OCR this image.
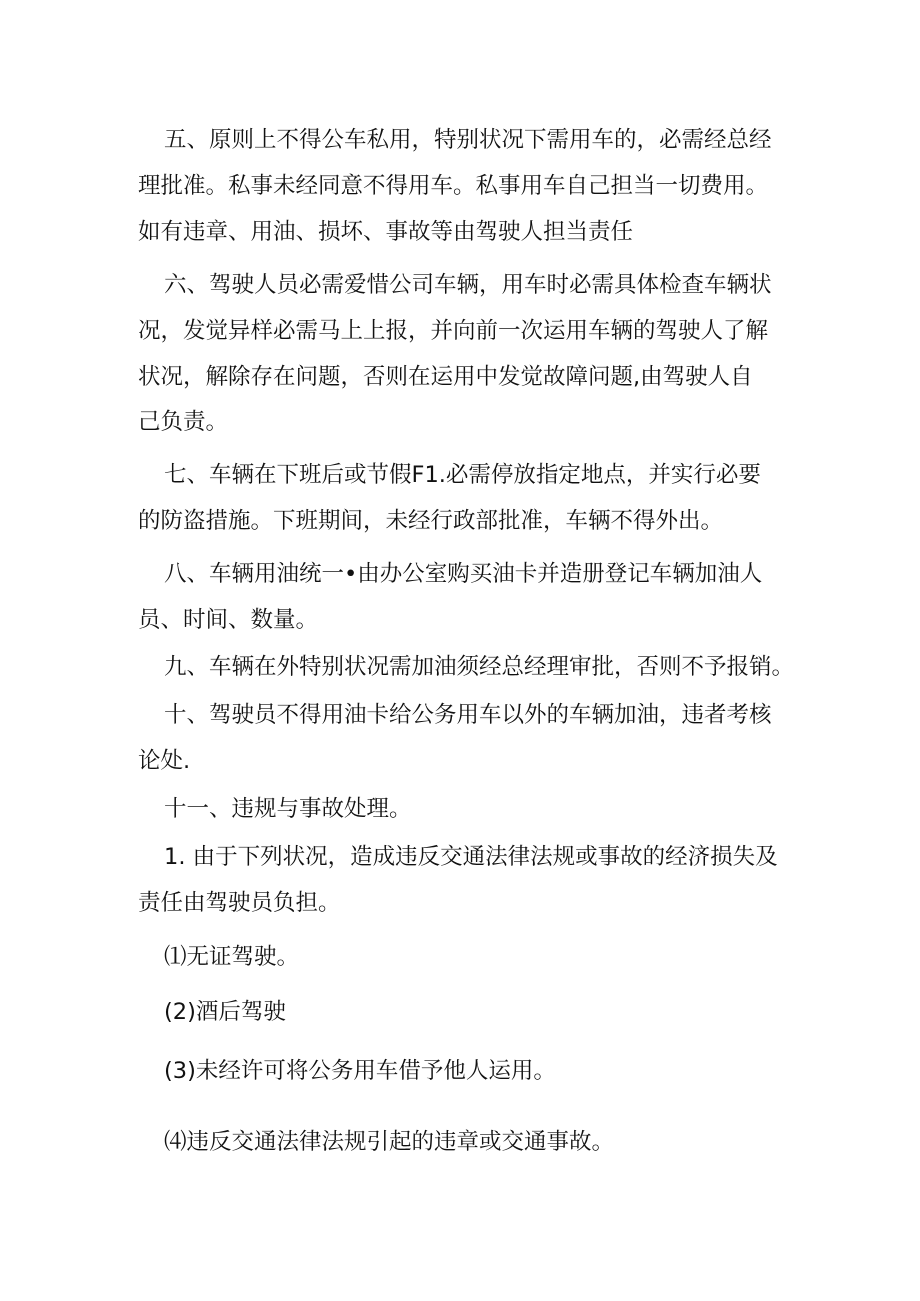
五、原则上不得公车私用，特别状况下需用车的，必需经总经
理批准。私事未经同意不得用车。私事用车自己担当一切费用。
如有违章、用油、损坏、事故等由驾驶人担当责任

六、驾驶人员必需爱惜公司车辆，用车时必需具体检查车辆状
况，发觉异样必需马上上报，并向前一次运用车辆的驾驶人了解
状况，解除存在问题，否则在运用中发觉故障问题,由驾驶人自
己负责。

七、车辆在下班后或节假F1.必需停放指定地点，并实行必要
的防盗措施。下班期间，未经行政部批准，车辆不得外出。

八、车辆用油统一•由办公室购买油卡并造册登记车辆加油人
员、时间、数量。

九、车辆在外特别状况需加油须经总经理审批，否则不予报销。

十、驾驶员不得用油卡给公务用车以外的车辆加油，违者考核
论处.

十一、违规与事故处理。

1. 由于下列状况，造成违反交通法律法规或事故的经济损失及
责任由驾驶员负担。

⑴无证驾驶。
(2)酒后驾驶
(3)未经许可将公务用车借予他人运用。
⑷违反交通法律法规引起的违章或交通事故。
